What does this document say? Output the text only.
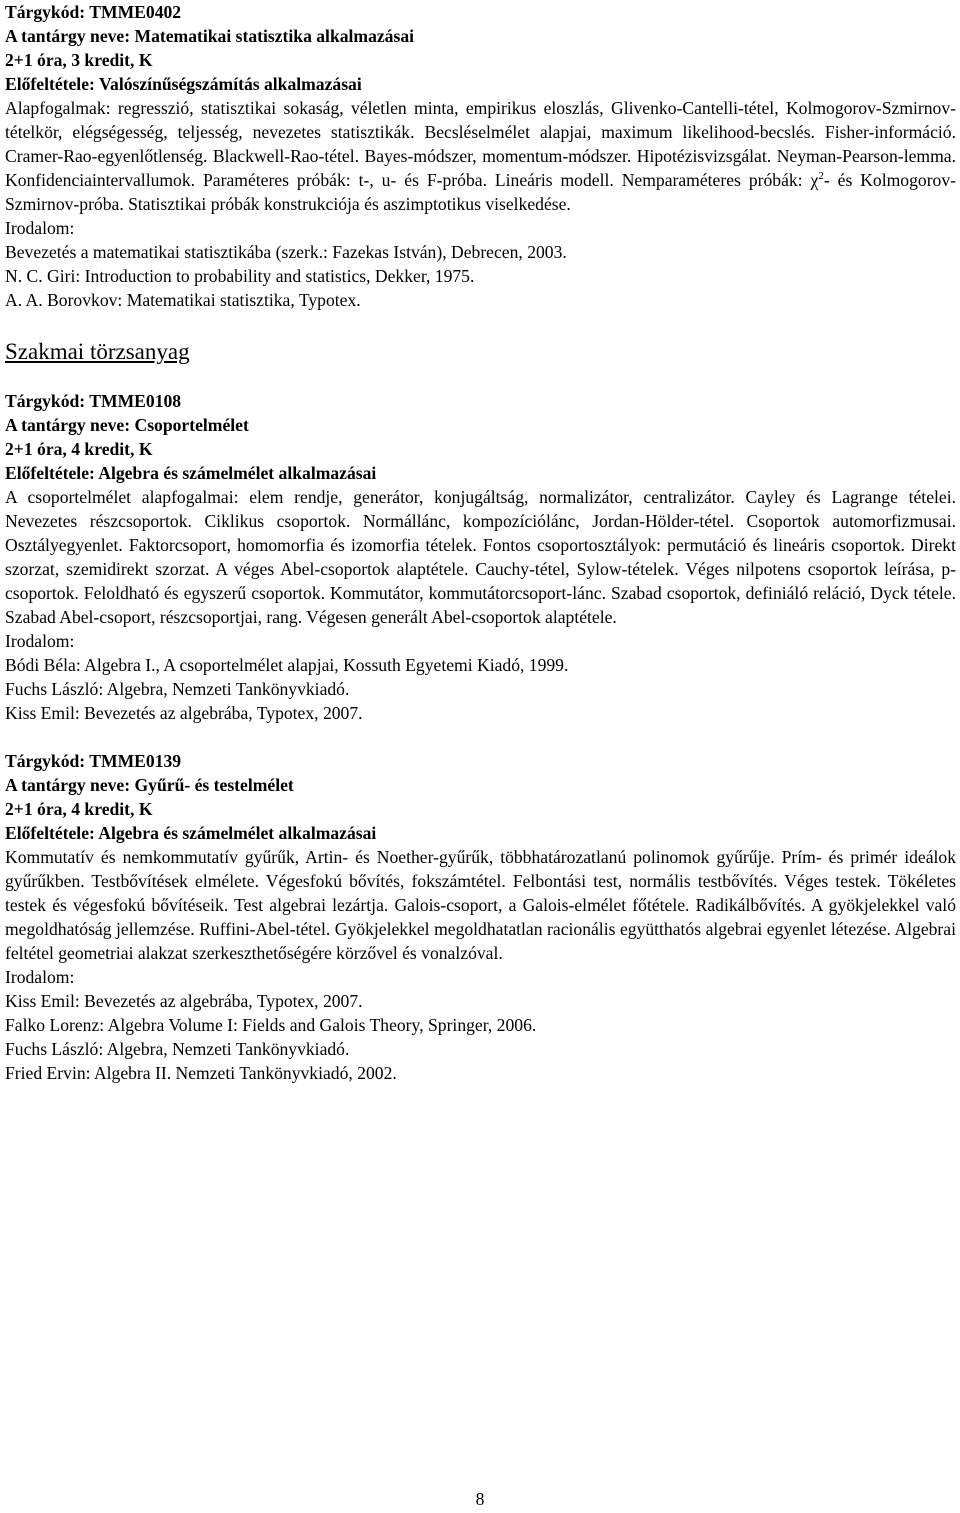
Tárgykód: TMME0402
A tantárgy neve: Matematikai statisztika alkalmazásai
2+1 óra, 3 kredit, K
Előfeltétele: Valószínűségszámítás alkalmazásai

Alapfogalmak: regresszió, statisztikai sokaság, véletlen minta, empirikus eloszlás, Glivenko-Cantelli-tétel, Kolmogorov-Szmirnov-tételkör, elégségesség, teljesség, nevezetes statisztikák. Becsléselmélet alapjai, maximum likelihood-becslés. Fisher-információ. Cramer-Rao-egyenlőtlenség. Blackwell-Rao-tétel. Bayes-módszer, momentum-módszer. Hipotézisvizsgálat. Neyman-Pearson-lemma. Konfidenciaintervallumok. Paraméteres próbák: t-, u- és F-próba. Lineáris modell. Nemparaméteres próbák: $\chi^2-$ és Kolmogorov-Szmirnov-próba. Statisztikai próbák konstrukciója és aszimptotikus viselkedése.

Irodalom:
Bevezetés a matematikai statisztikába (szerk.: Fazekas István), Debrecen, 2003.
N. C. Giri: Introduction to probability and statistics, Dekker, 1975.
A. A. Borovkov: Matematikai statisztika, Typotex.
Szakmai törzsanyag
Tárgykód: TMME0108
A tantárgy neve: Csoportelmélet
2+1 óra, 4 kredit, K
Előfeltétele: Algebra és számelmélet alkalmazásai

A csoportelmélet alapfogalmai: elem rendje, generátor, konjugáltság, normalizátor, centralizátor. Cayley és Lagrange tételei. Nevezetes részcsoportok. Ciklikus csoportok. Normállánc, kompozíciólánc, Jordan-Hölder-tétel. Csoportok automorfizmusai. Osztályegyenlet. Faktorcsoport, homomorfia és izomorfia tételek. Fontos csoportosztályok: permutáció és lineáris csoportok. Direkt szorzat, szemidirekt szorzat. A véges Abel-csoportok alaptétele. Cauchy-tétel, Sylow-tételek. Véges nilpotens csoportok leírása, p-csoportok. Feloldható és egyszerű csoportok. Kommutátor, kommutátorcsoport-lánc. Szabad csoportok, definiáló reláció, Dyck tétele. Szabad Abel-csoport, részcsoportjai, rang. Végesen generált Abel-csoportok alaptétele.

Irodalom:
Bódi Béla: Algebra I., A csoportelmélet alapjai, Kossuth Egyetemi Kiadó, 1999.
Fuchs László: Algebra, Nemzeti Tankönyvkiadó.
Kiss Emil: Bevezetés az algebrába, Typotex, 2007.
Tárgykód: TMME0139
A tantárgy neve: Gyűrű- és testelmélet
2+1 óra, 4 kredit, K
Előfeltétele: Algebra és számelmélet alkalmazásai

Kommutatív és nemkommutatív gyűrűk, Artin- és Noether-gyűrűk, többhatározatlanú polinomok gyűrűje. Prím- és primér ideálok gyűrűkben. Testbővítések elmélete. Végesfokú bővítés, fokszámtétel. Felbontási test, normális testbővítés. Véges testek. Tökéletes testek és végesfokú bővítéseik. Test algebrai lezártja. Galois-csoport, a Galois-elmélet főtétele. Radikálbővítés. A gyökjelekkel való megoldhatóság jellemzése. Ruffini-Abel-tétel. Gyökjelekkel megoldhatatlan racionális együtthatós algebrai egyenlet létezése. Algebrai feltétel geometriai alakzat szerkeszthetőségére körzővel és vonalzóval.

Irodalom:
Kiss Emil: Bevezetés az algebrába, Typotex, 2007.
Falko Lorenz: Algebra Volume I: Fields and Galois Theory, Springer, 2006.
Fuchs László: Algebra, Nemzeti Tankönyvkiadó.
Fried Ervin: Algebra II. Nemzeti Tankönyvkiadó, 2002.
8
